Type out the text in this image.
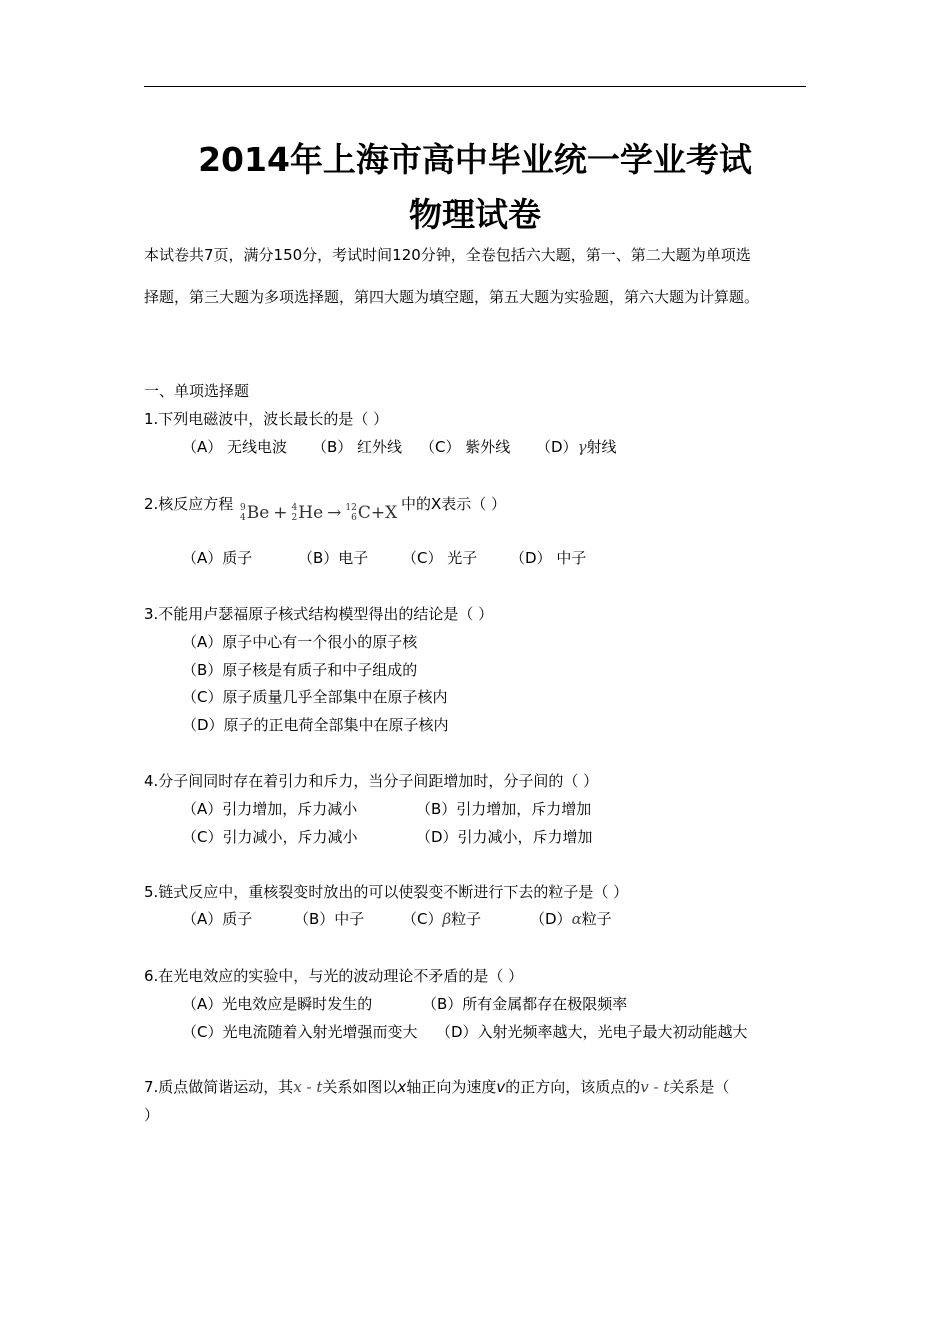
2014年上海市高中毕业统一学业考试
物理试卷
本试卷共7页，满分150分，考试时间120分钟，全卷包括六大题，第一、第二大题为单项选
择题，第三大题为多项选择题，第四大题为填空题，第五大题为实验题，第六大题为计算题。
一、单项选择题
1.下列电磁波中，波长最长的是（ ）
（A） 无线电波 （B） 红外线 （C） 紫外线 （D）γ射线
2.核反应方程 9
4 Be + 4
2 He → 12
6 C + X 中的X表示（ ）
（A）质子	（B）电子 （C） 光子 （D） 中子
3.不能用卢瑟福原子核式结构模型得出的结论是（ ）
（A）原子中心有一个很小的原子核
（B）原子核是有质子和中子组成的
（C）原子质量几乎全部集中在原子核内
（D）原子的正电荷全部集中在原子核内
4.分子间同时存在着引力和斥力，当分子间距增加时，分子间的（ ）
（A）引力增加，斥力减小	（B）引力增加，斥力增加
（C）引力减小，斥力减小	（D）引力减小，斥力增加
5.链式反应中，重核裂变时放出的可以使裂变不断进行下去的粒子是（ ）
（A）质子	（B）中子	（C）β粒子	（D）α粒子
6.在光电效应的实验中，与光的波动理论不矛盾的是（ ）
（A）光电效应是瞬时发生的	（B）所有金属都存在极限频率
（C）光电流随着入射光增强而变大 （D）入射光频率越大，光电子最大初动能越大
7.质点做简谐运动，其x - t关系如图以x轴正向为速度v的正方向，该质点的v - t关系是（
）
